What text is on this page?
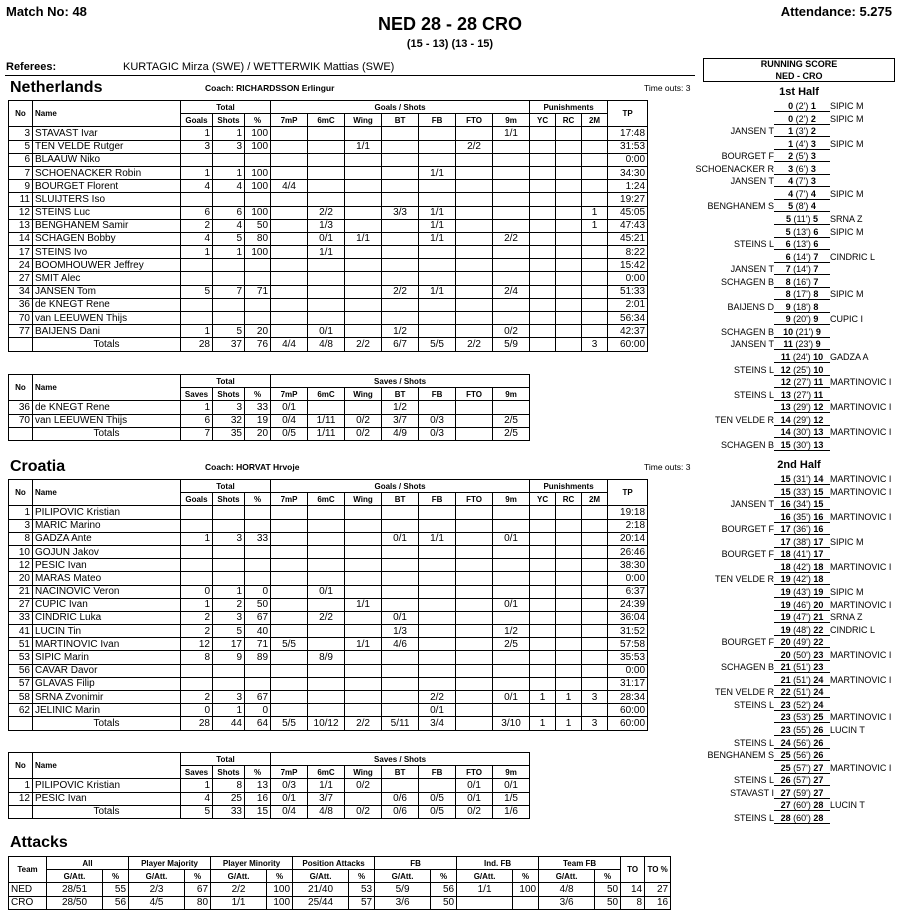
Match No: 48	Attendance: 5.275
NED 28 - 28 CRO
(15 - 13) (13 - 15)
Referees:	KURTAGIC Mirza (SWE) / WETTERWIK Mattias (SWE)
Netherlands	Coach: RICHARDSSON Erlingur	Time outs: 3
Croatia	Coach: HORVAT Hrvoje	Time outs: 3
No	Name	Total			Goals / Shots							Punishments			TP
		Goals	Shots	%	7mP	6mC	Wing	BT	FB	FTO	9m	YC	RC	2M	
3	STAVAST Ivar	1	1	100							1/1				17:48
5	TEN VELDE Rutger	3	3	100			1/1			2/2					31:53
6	BLAAUW Niko														0:00
7	SCHOENACKER Robin	1	1	100					1/1						34:30
9	BOURGET Florent	4	4	100	4/4										1:24
11	SLUIJTERS Iso														19:27
12	STEINS Luc	6	6	100		2/2		3/3	1/1					1	45:05
13	BENGHANEM Samir	2	4	50		1/3			1/1					1	47:43
14	SCHAGEN Bobby	4	5	80		0/1	1/1		1/1		2/2				45:21
17	STEINS Ivo	1	1	100		1/1									8:22
24	BOOMHOUWER Jeffrey														15:42
27	SMIT Alec														0:00
34	JANSEN Tom	5	7	71				2/2	1/1		2/4				51:33
36	de KNEGT Rene														2:01
70	van LEEUWEN Thijs														56:34
77	BAIJENS Dani	1	5	20		0/1		1/2			0/2				42:37
	Totals	28	37	76	4/4	4/8	2/2	6/7	5/5	2/2	5/9			3	60:00
No	Name	Total			Saves / Shots						
		Saves	Shots	%	7mP	6mC	Wing	BT	FB	FTO	9m
36	de KNEGT Rene	1	3	33	0/1			1/2			
70	van LEEUWEN Thijs	6	32	19	0/4	1/11	0/2	3/7	0/3		2/5
	Totals	7	35	20	0/5	1/11	0/2	4/9	0/3		2/5
No	Name	Total			Goals / Shots							Punishments			TP
		Goals	Shots	%	7mP	6mC	Wing	BT	FB	FTO	9m	YC	RC	2M	
1	PILIPOVIC Kristian														19:18
3	MARIC Marino														2:18
8	GADZA Ante	1	3	33				0/1	1/1		0/1				20:14
10	GOJUN Jakov														26:46
12	PESIC Ivan														38:30
20	MARAS Mateo														0:00
21	NACINOVIC Veron	0	1	0		0/1									6:37
27	CUPIC Ivan	1	2	50			1/1				0/1				24:39
33	CINDRIC Luka	2	3	67		2/2		0/1							36:04
41	LUCIN Tin	2	5	40				1/3			1/2				31:52
51	MARTINOVIC Ivan	12	17	71	5/5		1/1	4/6			2/5				57:58
53	SIPIC Marin	8	9	89		8/9									35:53
56	CAVAR Davor														0:00
57	GLAVAS Filip														31:17
58	SRNA Zvonimir	2	3	67					2/2		0/1	1	1	3	28:34
62	JELINIC Marin	0	1	0					0/1						60:00
	Totals	28	44	64	5/5	10/12	2/2	5/11	3/4		3/10	1	1	3	60:00
No	Name	Total			Saves / Shots						
		Saves	Shots	%	7mP	6mC	Wing	BT	FB	FTO	9m
1	PILIPOVIC Kristian	1	8	13	0/3	1/1	0/2			0/1	0/1
12	PESIC Ivan	4	25	16	0/1	3/7		0/6	0/5	0/1	1/5
	Totals	5	33	15	0/4	4/8	0/2	0/6	0/5	0/2	1/6
Attacks
Team	All		Player Majority		Player Minority		Position Attacks		FB		Ind. FB		Team FB		TO	TO %
	G/Att.	%	G/Att.	%	G/Att.	%	G/Att.	%	G/Att.	%	G/Att.	%	G/Att.	%		
NED	28/51	55	2/3	67	2/2	100	21/40	53	5/9	56	1/1	100	4/8	50	14	27
CRO	28/50	56	4/5	80	1/1	100	25/44	57	3/6	50			3/6	50	8	16
RUNNING SCORE
NED - CRO
1st Half
2nd Half
0 (2') 1	SIPIC M
0 (2') 2	SIPIC M
JANSEN T	1 (3') 2
1 (4') 3	SIPIC M
BOURGET F	2 (5') 3
SCHOENACKER R	3 (6') 3
JANSEN T	4 (7') 3
4 (7') 4	SIPIC M
BENGHANEM S	5 (8') 4
5 (11') 5	SRNA Z
5 (13') 6	SIPIC M
STEINS L	6 (13') 6
6 (14') 7	CINDRIC L
JANSEN T	7 (14') 7
SCHAGEN B	8 (16') 7
8 (17') 8	SIPIC M
BAIJENS D	9 (18') 8
9 (20') 9	CUPIC I
SCHAGEN B	10 (21') 9
JANSEN T	11 (23') 9
11 (24') 10 GADZA A
STEINS L 12 (25') 10
12 (27') 11 MARTINOVIC I
STEINS L 13 (27') 11
13 (29') 12 MARTINOVIC I
TEN VELDE R 14 (29') 12
14 (30') 13 MARTINOVIC I
SCHAGEN B 15 (30') 13
15 (31') 14 MARTINOVIC I
15 (33') 15 MARTINOVIC I
JANSEN T 16 (34') 15
16 (35') 16 MARTINOVIC I
BOURGET F 17 (36') 16
17 (38') 17 SIPIC M
BOURGET F 18 (41') 17
18 (42') 18 MARTINOVIC I
TEN VELDE R 19 (42') 18
19 (43') 19 SIPIC M
19 (46') 20 MARTINOVIC I
19 (47') 21 SRNA Z
19 (48') 22 CINDRIC L
BOURGET F 20 (49') 22
20 (50') 23 MARTINOVIC I
SCHAGEN B 21 (51') 23
21 (51') 24 MARTINOVIC I
TEN VELDE R 22 (51') 24
STEINS L 23 (52') 24
23 (53') 25 MARTINOVIC I
23 (55') 26 LUCIN T
STEINS L 24 (56') 26
BENGHANEM S 25 (56') 26
25 (57') 27 MARTINOVIC I
STEINS L 26 (57') 27
STAVAST I 27 (59') 27
27 (60') 28 LUCIN T
STEINS L 28 (60') 28
